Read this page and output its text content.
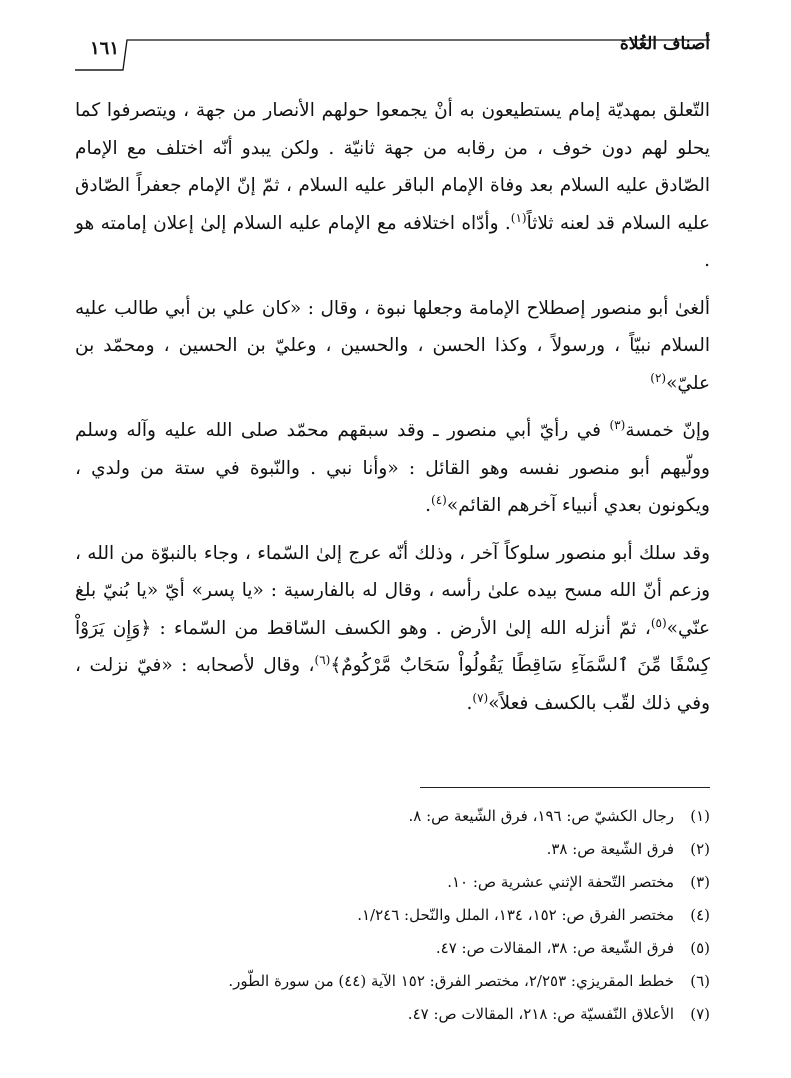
١٦١	أصناف الغُلاة

التّعلق بمهديّة إمام يستطيعون به أنْ يجمعوا حولهم الأنصار من جهة ، ويتصرفوا كما يحلو لهم دون خوف ، من رقابه من جهة ثانيّة . ولكن يبدو أنّه اختلف مع الإمام الصّادق عليه السلام بعد وفاة الإمام الباقر عليه السلام ، ثمّ إنّ الإمام جعفراً الصّادق عليه السلام قد لعنه ثلاثاً$^{(١)}$. وأدّاه اختلافه مع الإمام عليه السلام إلىٰ إعلان إمامته هو .

ألغىٰ أبو منصور إصطلاح الإمامة وجعلها نبوة ، وقال : «كان علي بن أبي طالب عليه السلام نبيّاً ، ورسولاً ، وكذا الحسن ، والحسين ، وعليّ بن الحسين ، ومحمّد بن عليّ»$^{(٢)}$

وإنّ خمسة$^{(٣)}$ في رأيّ أبي منصور ـ وقد سبقهم محمّد صلى الله عليه وآله وسلم وولّيهم أبو منصور نفسه وهو القائل : «وأنا نبي . والنّبوة في ستة من ولدي ، ويكونون بعدي أنبياء آخرهم القائم»$^{(٤)}$.

وقد سلك أبو منصور سلوكاً آخر ، وذلك أنّه عرج إلىٰ السّماء ، وجاء بالنبوّة من الله ، وزعم أنّ الله مسح بيده علىٰ رأسه ، وقال له بالفارسية : «يا پسر» أيّ «يا بُنيّ بلغ عنّي»$^{(٥)}$، ثمّ أنزله الله إلىٰ الأرض . وهو الكسف السّاقط من السّماء : ﴿وَإِن يَرَوْاْ كِسْفًا مِّنَ ٱلسَّمَآءِ سَاقِطًا يَقُولُواْ سَحَابٌ مَّرْكُومٌ﴾$^{(٦)}$، وقال لأصحابه : «فيّ نزلت ، وفي ذلك لقّب بالكسف فعلاً»$^{(٧)}$.

(١)رجال الكشيّ ص: ١٩٦، فرق الشّيعة ص: ٨.
(٢)فرق الشّيعة ص: ٣٨.
(٣)مختصر التّحفة الإثني عشرية ص: ١٠.
(٤)مختصر الفرق ص: ١٥٢، ١٣٤، الملل والنّحل: ١/٢٤٦.
(٥)فرق الشّيعة ص: ٣٨، المقالات ص: ٤٧.
(٦)خطط المقريزي: ٢/٢٥٣، مختصر الفرق: ١٥٢ الآية (٤٤) من سورة الطّور.
(٧)الأعلاق النّفسيّة ص: ٢١٨، المقالات ص: ٤٧.
